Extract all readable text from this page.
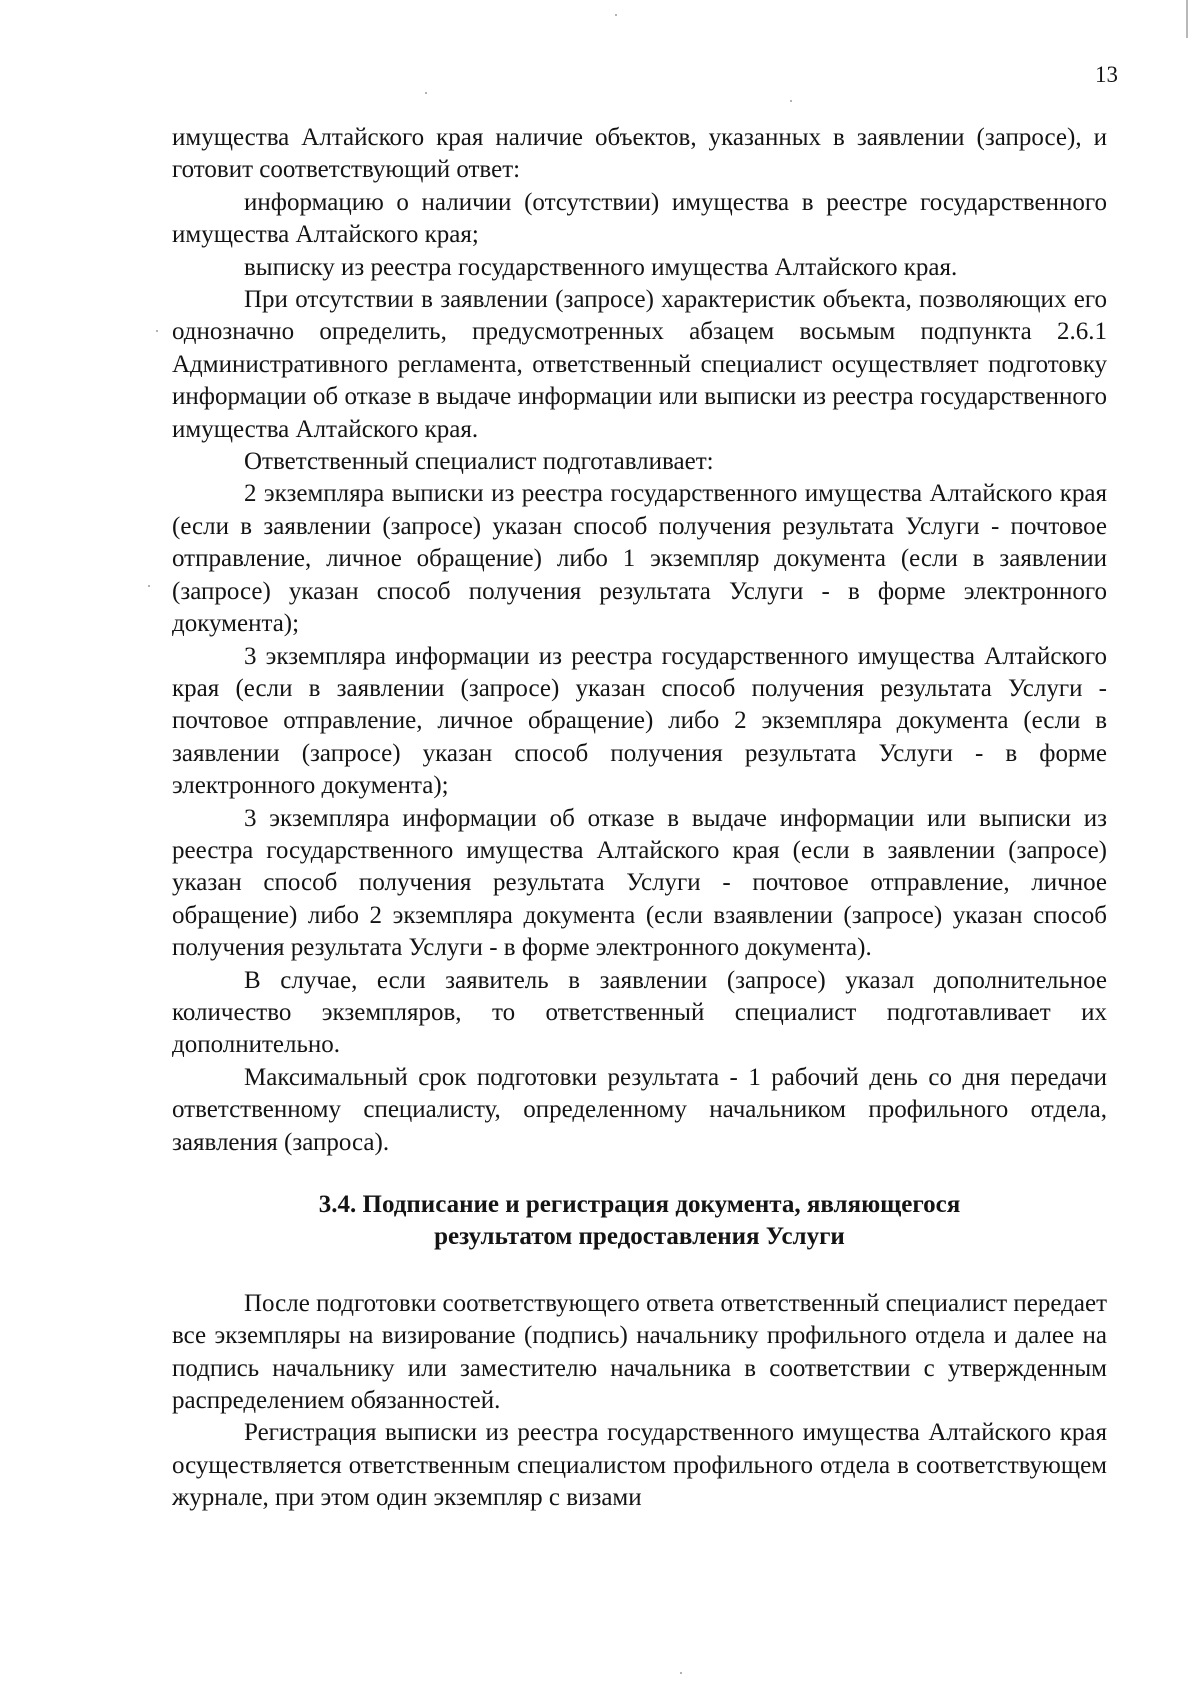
13

имущества Алтайского края наличие объектов, указанных в заявлении (запросе), и готовит соответствующий ответ:

информацию о наличии (отсутствии) имущества в реестре государственного имущества Алтайского края;

выписку из реестра государственного имущества Алтайского края.

При отсутствии в заявлении (запросе) характеристик объекта, позволяющих его однозначно определить, предусмотренных абзацем восьмым подпункта 2.6.1 Административного регламента, ответственный специалист осуществляет подготовку информации об отказе в выдаче информации или выписки из реестра государственного имущества Алтайского края.

Ответственный специалист подготавливает:

2 экземпляра выписки из реестра государственного имущества Алтайского края (если в заявлении (запросе) указан способ получения результата Услуги - почтовое отправление, личное обращение) либо 1 экземпляр документа (если в заявлении (запросе) указан способ получения результата Услуги - в форме электронного документа);

3 экземпляра информации из реестра государственного имущества Алтайского края (если в заявлении (запросе) указан способ получения результата Услуги - почтовое отправление, личное обращение) либо 2 экземпляра документа (если в заявлении (запросе) указан способ получения результата Услуги - в форме электронного документа);

3 экземпляра информации об отказе в выдаче информации или выписки из реестра государственного имущества Алтайского края (если в заявлении (запросе) указан способ получения результата Услуги - почтовое отправление, личное обращение) либо 2 экземпляра документа (если взаявлении (запросе) указан способ получения результата Услуги - в форме электронного документа).

В случае, если заявитель в заявлении (запросе) указал дополнительное количество экземпляров, то ответственный специалист подготавливает их дополнительно.

Максимальный срок подготовки результата - 1 рабочий день со дня передачи ответственному специалисту, определенному начальником профильного отдела, заявления (запроса).

3.4. Подписание и регистрация документа, являющегося
результатом предоставления Услуги

После подготовки соответствующего ответа ответственный специалист передает все экземпляры на визирование (подпись) начальнику профильного отдела и далее на подпись начальнику или заместителю начальника в соответствии с утвержденным распределением обязанностей.

Регистрация выписки из реестра государственного имущества Алтайского края осуществляется ответственным специалистом профильного отдела в соответствующем журнале, при этом один экземпляр с визами
